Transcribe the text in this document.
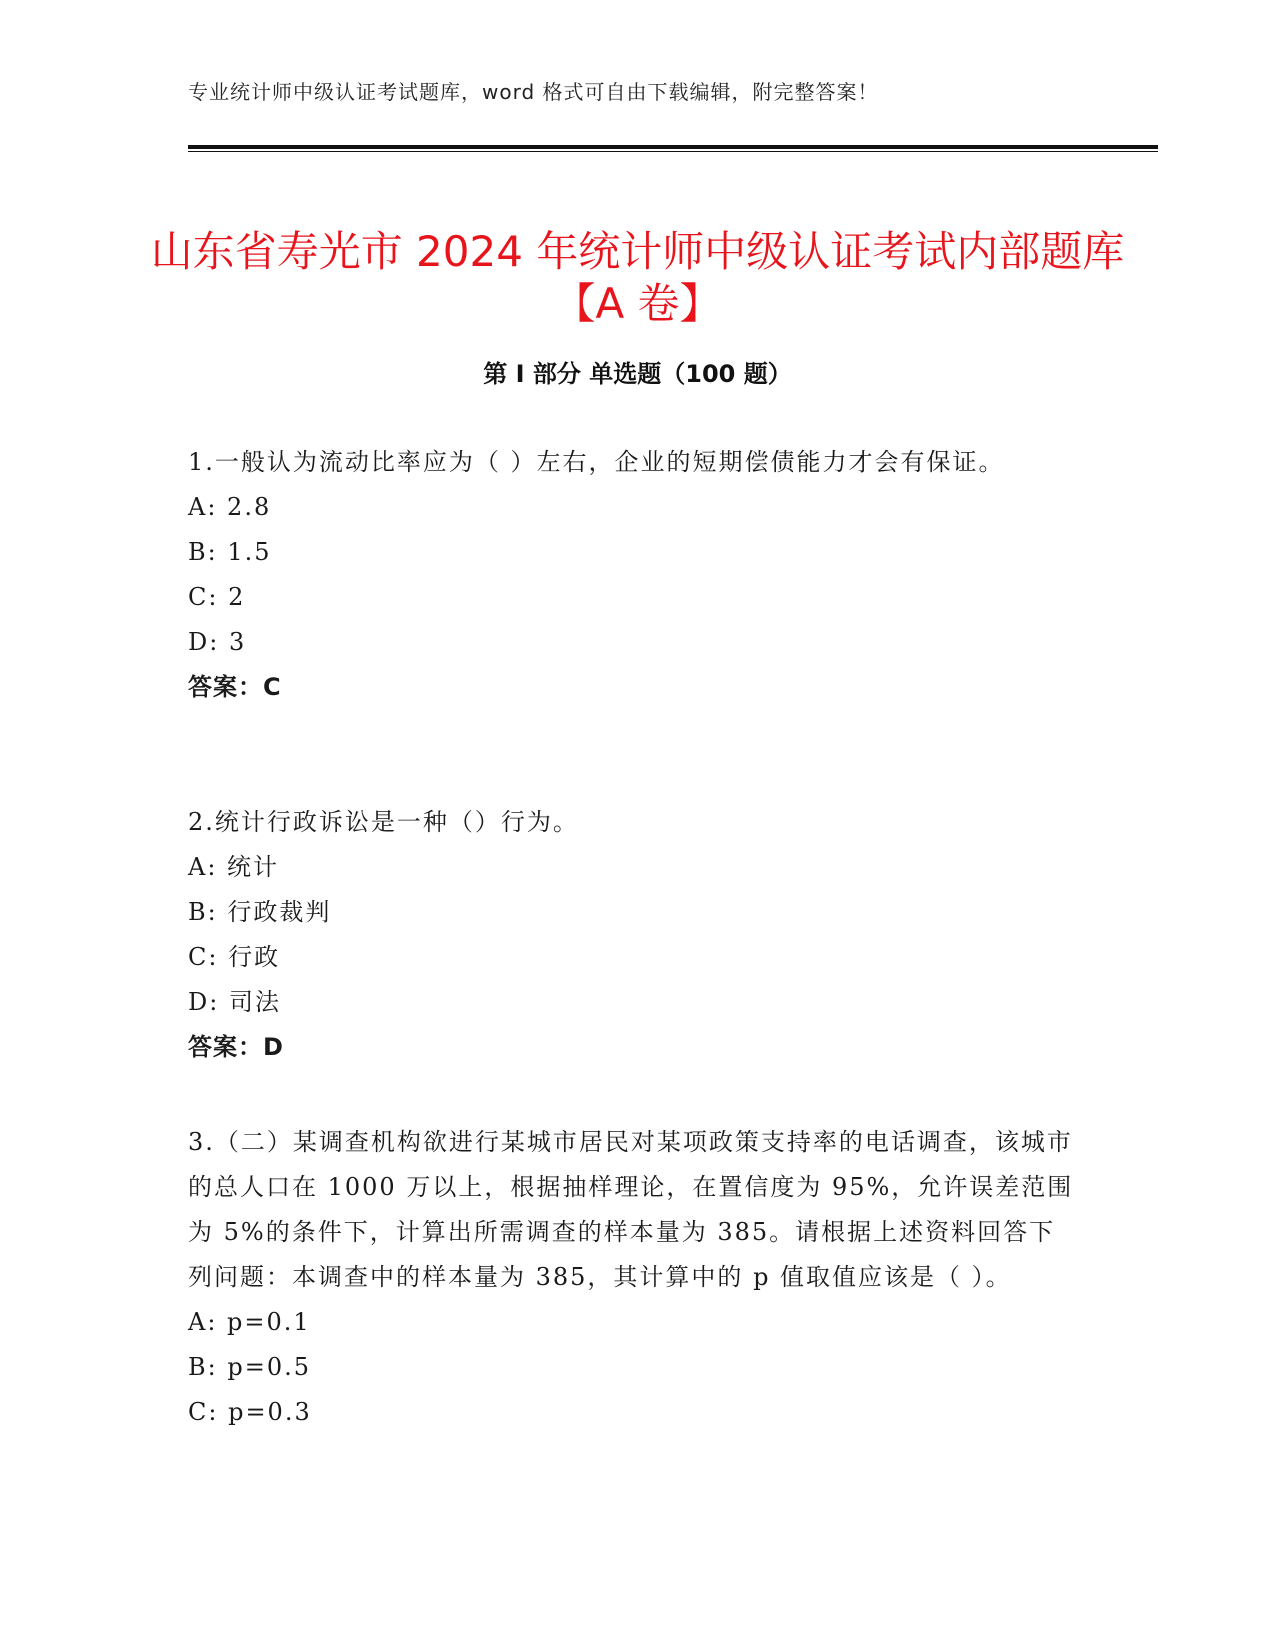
专业统计师中级认证考试题库，word 格式可自由下载编辑，附完整答案！
山东省寿光市 2024 年统计师中级认证考试内部题库【A 卷】
第 I 部分 单选题（100 题）

1.一般认为流动比率应为（ ）左右，企业的短期偿债能力才会有保证。

A: 2.8

B: 1.5

C: 2

D: 3

答案：C

2.统计行政诉讼是一种（）行为。

A: 统计

B: 行政裁判

C: 行政

D: 司法

答案：D

3.（二）某调查机构欲进行某城市居民对某项政策支持率的电话调查，该城市的总人口在 1000 万以上，根据抽样理论，在置信度为 95%，允许误差范围为 5%的条件下，计算出所需调查的样本量为 385。请根据上述资料回答下列问题：本调查中的样本量为 385，其计算中的 p 值取值应该是（ ）。

A: p=0.1

B: p=0.5

C: p=0.3
